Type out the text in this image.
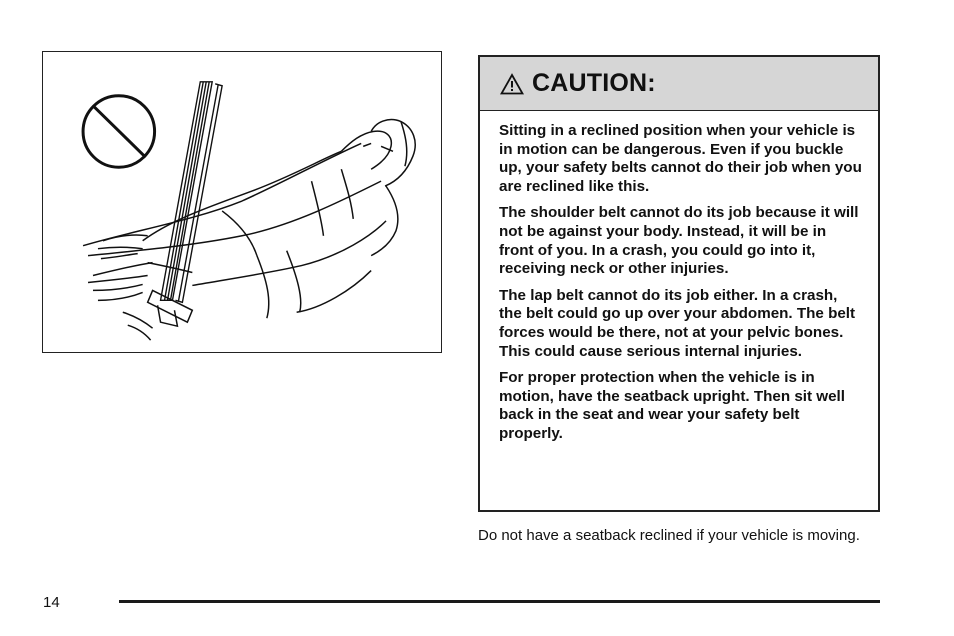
CAUTION:

Sitting in a reclined position when your vehicle is in motion can be dangerous. Even if you buckle up, your safety belts cannot do their job when you are reclined like this.

The shoulder belt cannot do its job because it will not be against your body. Instead, it will be in front of you. In a crash, you could go into it, receiving neck or other injuries.

The lap belt cannot do its job either. In a crash, the belt could go up over your abdomen. The belt forces would be there, not at your pelvic bones. This could cause serious internal injuries.

For proper protection when the vehicle is in motion, have the seatback upright. Then sit well back in the seat and wear your safety belt properly.

Do not have a seatback reclined if your vehicle is moving.

14
